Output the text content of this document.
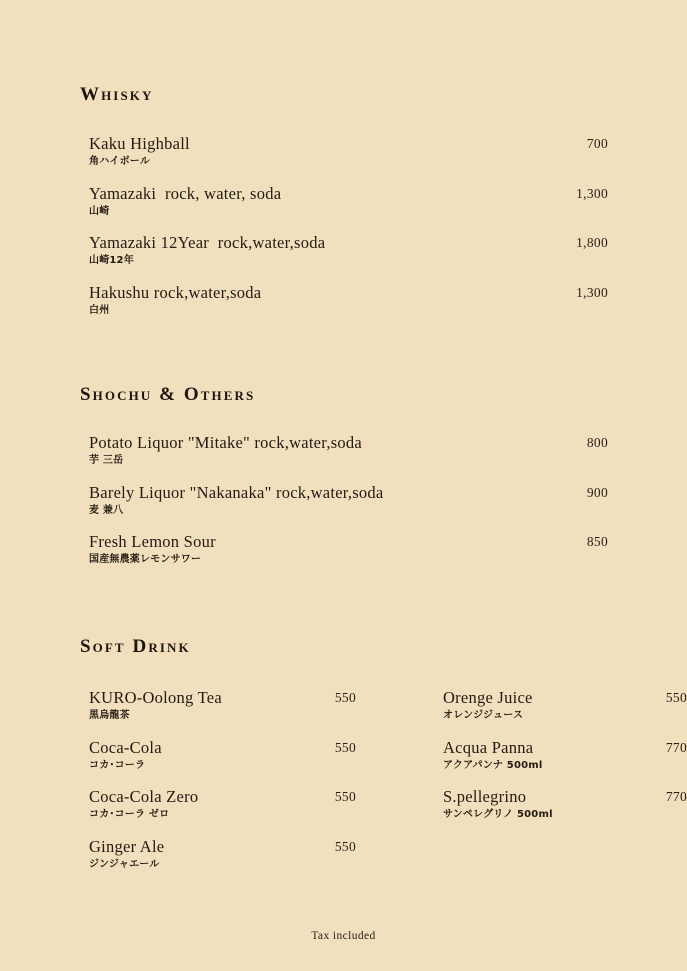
Whisky
Kaku Highball	700
角ハイボール
Yamazaki  rock, water, soda	1,300
山崎
Yamazaki 12Year  rock,water,soda	1,800
山崎12年
Hakushu rock,water,soda	1,300
白州
Shochu & Others
Potato Liquor "Mitake" rock,water,soda	800
芋 三岳
Barely Liquor "Nakanaka" rock,water,soda	900
麦 兼八
Fresh Lemon Sour	850
国産無農薬レモンサワー
Soft Drink
KURO-Oolong Tea	550
黒烏龍茶
Coca-Cola	550
コカ･コーラ
Coca-Cola Zero	550
コカ･コーラ ゼロ
Ginger Ale	550
ジンジャエール
Orenge Juice	550
オレンジジュース
Acqua Panna	770
アクアパンナ 500ml
S.pellegrino	770
サンペレグリノ 500ml
Tax included
